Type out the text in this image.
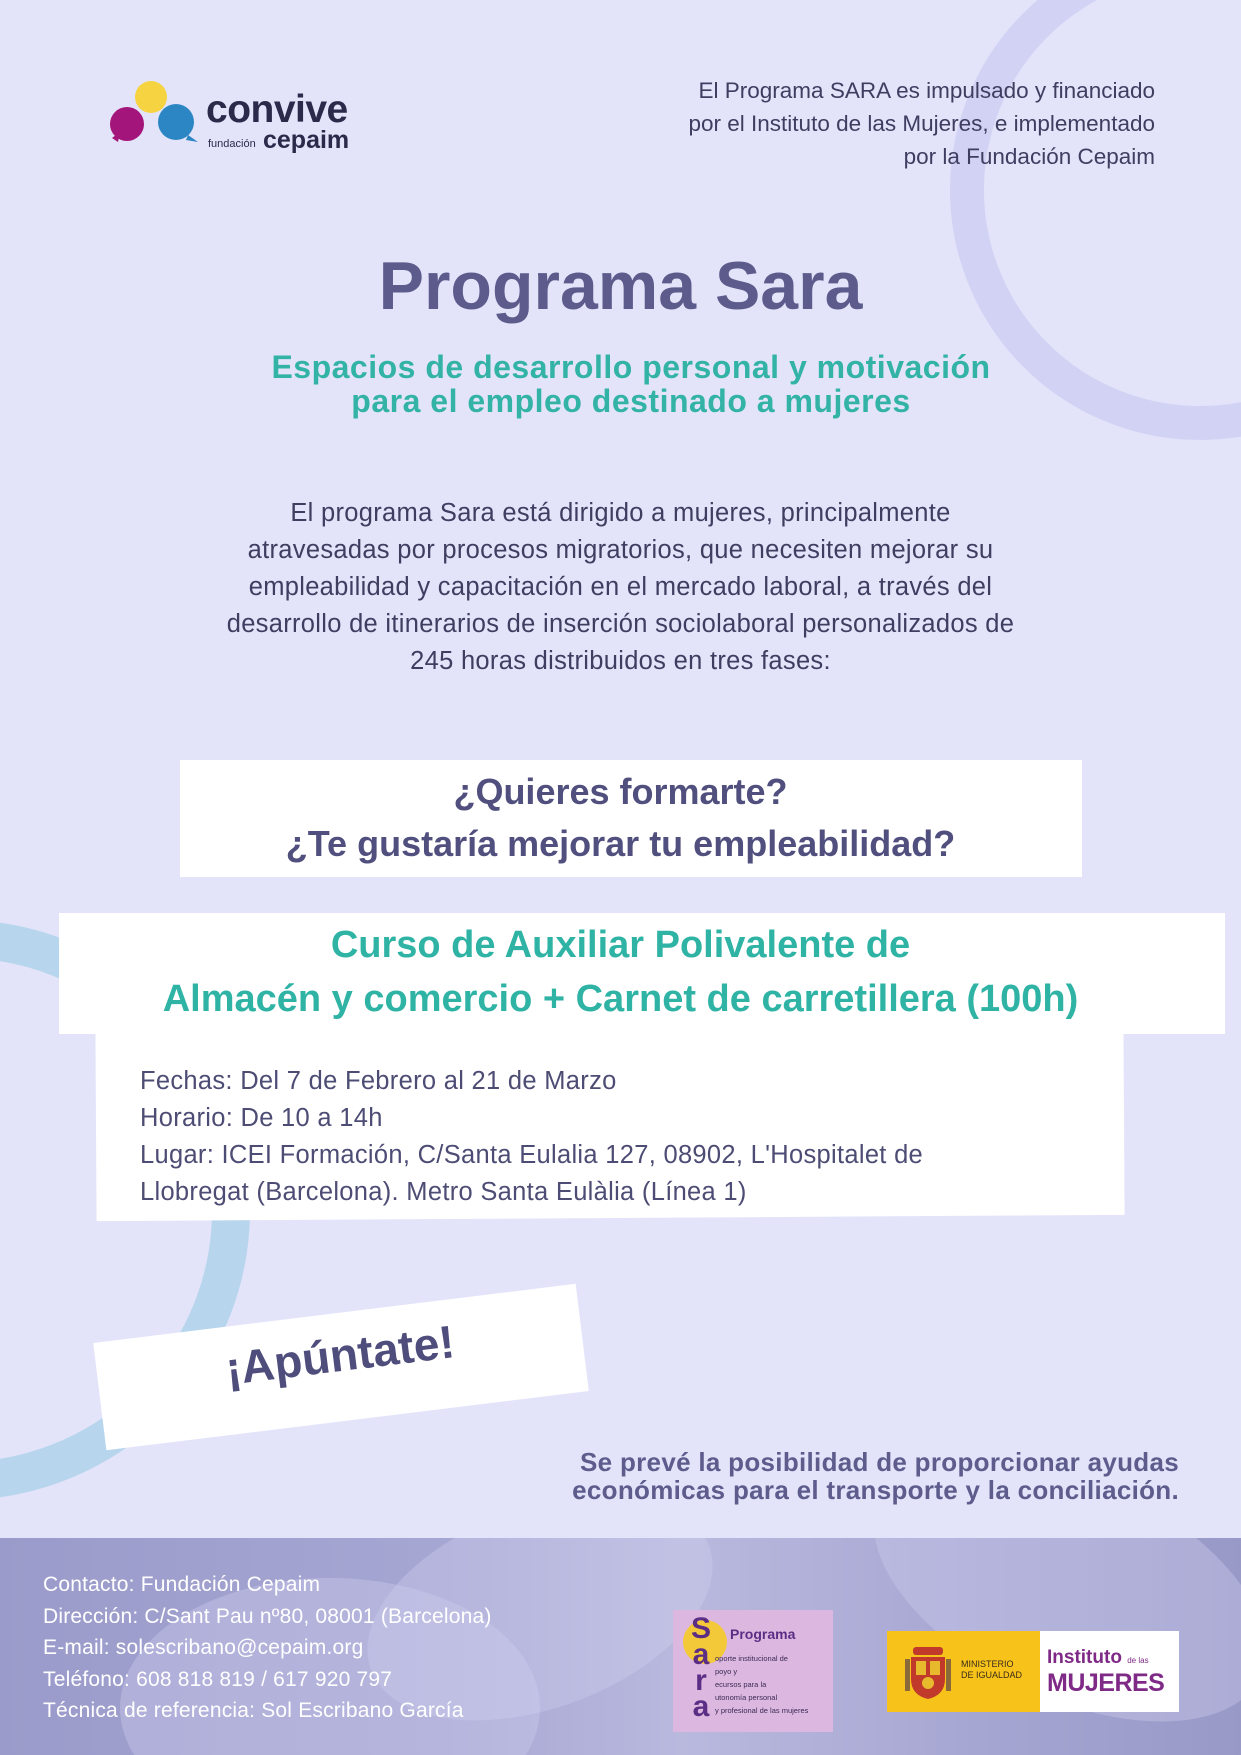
convive
fundación cepaim
El Programa SARA es impulsado y financiado
por el Instituto de las Mujeres, e implementado
por la Fundación Cepaim
Programa Sara
Espacios de desarrollo personal y motivación
para el empleo destinado a mujeres
El programa Sara está dirigido a mujeres, principalmente
atravesadas por procesos migratorios, que necesiten mejorar su
empleabilidad y capacitación en el mercado laboral, a través del
desarrollo de itinerarios de inserción sociolaboral personalizados de
245 horas distribuidos en tres fases:
¿Quieres formarte?
¿Te gustaría mejorar tu empleabilidad?
Curso de Auxiliar Polivalente de
Almacén y comercio + Carnet de carretillera (100h)
Fechas: Del 7 de Febrero al 21 de Marzo
Horario: De 10 a 14h
Lugar: ICEI Formación, C/Santa Eulalia 127, 08902, L'Hospitalet de
Llobregat (Barcelona). Metro Santa Eulàlia (Línea 1)
¡Apúntate!
Se prevé la posibilidad de proporcionar ayudas
económicas para el transporte y la conciliación.
Contacto: Fundación Cepaim
Dirección: C/Sant Pau nº80, 08001 (Barcelona)
E-mail: solescribano@cepaim.org
Teléfono: 608 818 819 / 617 920 797
Técnica de referencia: Sol Escribano García
S
a
r
a
Programa
oporte institucional de
poyo y
ecursos para la
utonomía personal
y profesional de las mujeres
MINISTERIO
DE IGUALDAD
Instituto de las
MUJERES
